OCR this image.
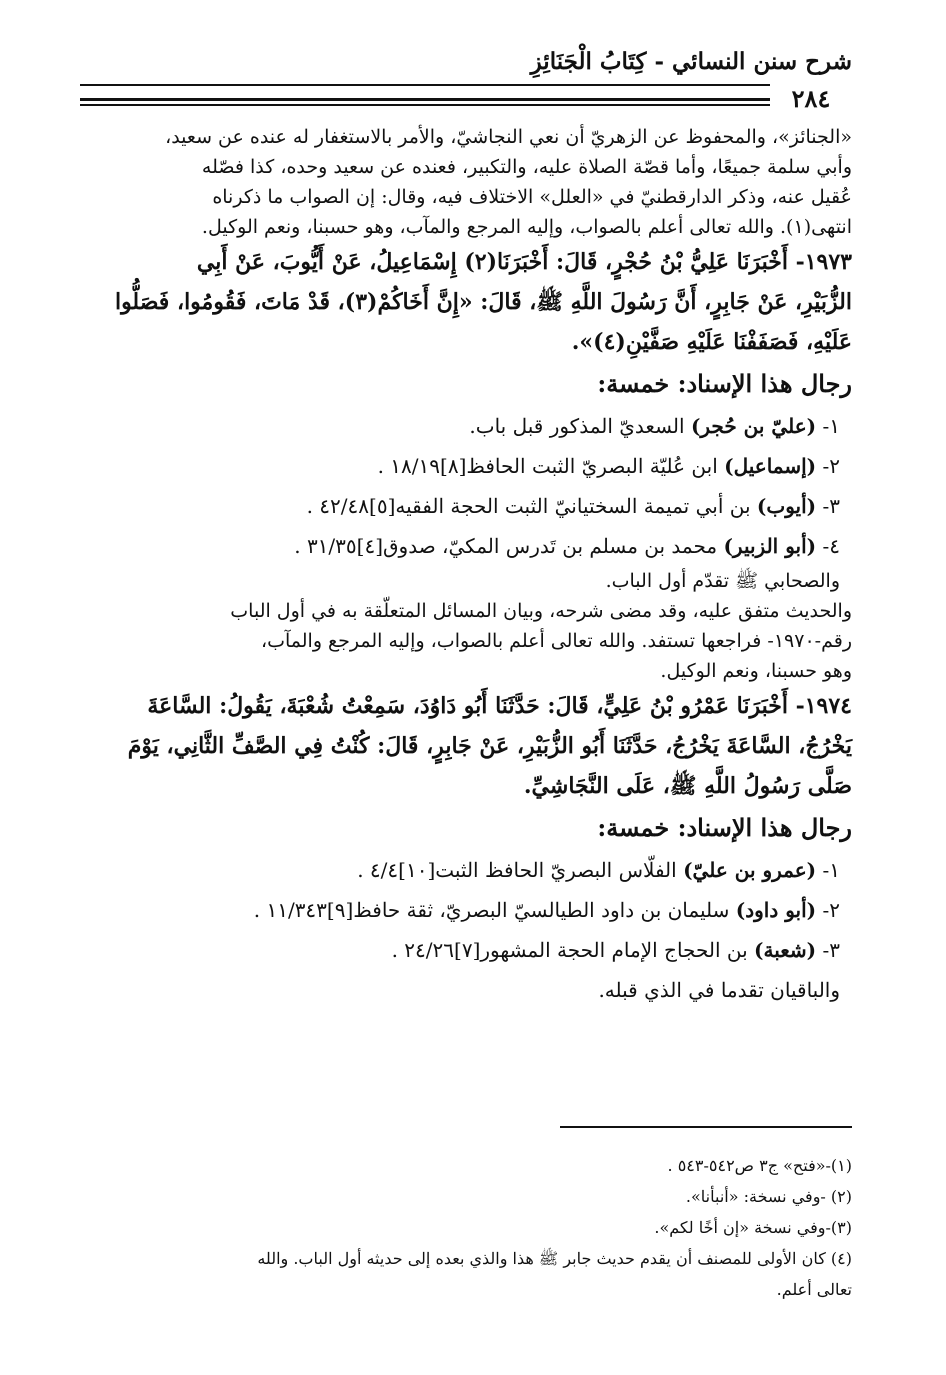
شرح سنن النسائي - كِتَابُ الْجَنَائِزِ
٢٨٤

«الجنائز»، والمحفوظ عن الزهريّ أن نعي النجاشيّ، والأمر بالاستغفار له عنده عن سعيد،

وأبي سلمة جميعًا، وأما قصّة الصلاة عليه، والتكبير، فعنده عن سعيد وحده، كذا فصّله

عُقيل عنه، وذكر الدارقطنيّ في «العلل» الاختلاف فيه، وقال: إن الصواب ما ذكرناه

انتهى(١). والله تعالى أعلم بالصواب، وإليه المرجع والمآب، وهو حسبنا، ونعم الوكيل.

١٩٧٣- أَخْبَرَنَا عَلِيُّ بْنُ حُجْرٍ، قَالَ: أَخْبَرَنَا(٢) إِسْمَاعِيلُ، عَنْ أَيُّوبَ، عَنْ أَبِي

الزُّبَيْرِ، عَنْ جَابِرٍ، أَنَّ رَسُولَ اللَّهِ ﷺ، قَالَ: «إِنَّ أَخَاكُمْ(٣)، قَدْ مَاتَ، فَقُومُوا، فَصَلُّوا

عَلَيْهِ، فَصَفَفْنَا عَلَيْهِ صَفَّيْنِ(٤)».

رجال هذا الإسناد: خمسة:

١- (عليّ بن حُجر) السعديّ المذكور قبل باب.

٢- (إسماعيل) ابن عُليّة البصريّ الثبت الحافظ[٨]١٨/١٩ .

٣- (أيوب) بن أبي تميمة السختيانيّ الثبت الحجة الفقيه[٥]٤٢/٤٨ .

٤- (أبو الزبير) محمد بن مسلم بن تَدرس المكيّ، صدوق[٤]٣١/٣٥ .

والصحابي ﷺ تقدّم أول الباب.

والحديث متفق عليه، وقد مضى شرحه، وبيان المسائل المتعلّقة به في أول الباب

رقم-١٩٧٠- فراجعها تستفد. والله تعالى أعلم بالصواب، وإليه المرجع والمآب،

وهو حسبنا، ونعم الوكيل.

١٩٧٤- أَخْبَرَنَا عَمْرُو بْنُ عَلِيٍّ، قَالَ: حَدَّثَنَا أَبُو دَاوُدَ، سَمِعْتُ شُعْبَةَ، يَقُولُ: السَّاعَةَ

يَخْرُجُ، السَّاعَةَ يَخْرُجُ، حَدَّثَنَا أَبُو الزُّبَيْرِ، عَنْ جَابِرٍ، قَالَ: كُنْتُ فِي الصَّفِّ الثَّانِي، يَوْمَ

صَلَّى رَسُولُ اللَّهِ ﷺ، عَلَى النَّجَاشِيِّ.

رجال هذا الإسناد: خمسة:

١- (عمرو بن عليّ) الفلّاس البصريّ الحافظ الثبت[١٠]٤/٤ .

٢- (أبو داود) سليمان بن داود الطيالسيّ البصريّ، ثقة حافظ[٩]١١/٣٤٣ .

٣- (شعبة) بن الحجاج الإمام الحجة المشهور[٧]٢٤/٢٦ .

والباقيان تقدما في الذي قبله.

(١)-«فتح» ج٣ ص٥٤٢-٥٤٣ .

(٢) -وفي نسخة: «أنبأنا».

(٣)-وفي نسخة «إن أخًا لكم».

(٤) كان الأولى للمصنف أن يقدم حديث جابر ﷺ هذا والذي بعده إلى حديثه أول الباب. والله

تعالى أعلم.
